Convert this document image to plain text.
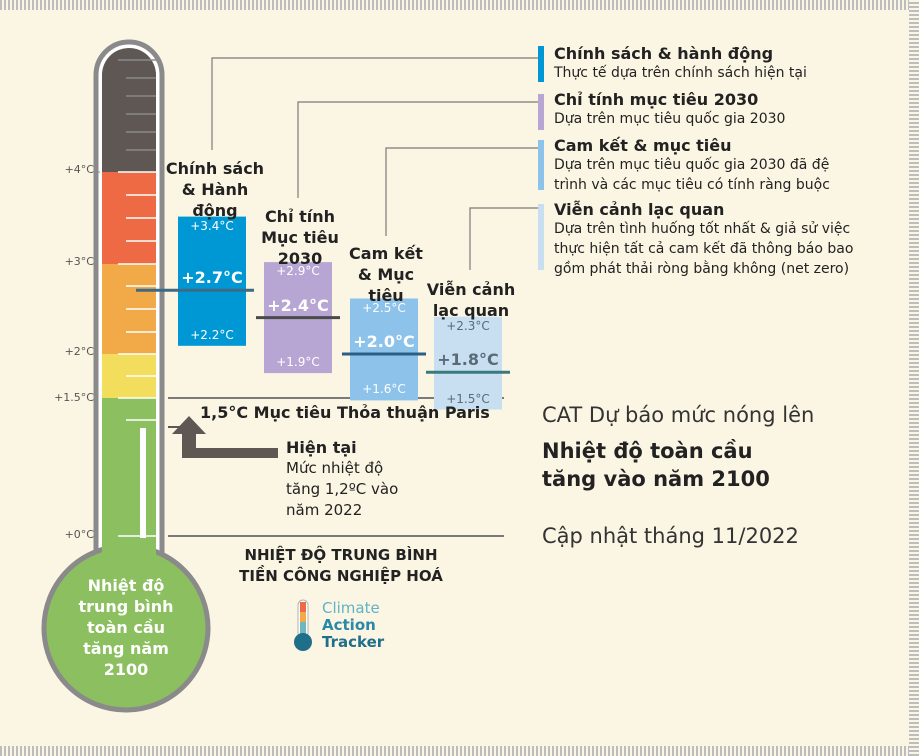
+4°C
+3°C
+2°C
+1.5°C
+0°C
Nhiệt độ
trung bình
toàn cầu
tăng năm
2100
Chính sách
& Hành
động	Chỉ tính
Mục tiêu
2030	Cam kết
& Mục
tiêu	Viễn cảnh
lạc quan
+3.4°C
+2.7°C
+2.2°C
+2.9°C
+2.4°C
+1.9°C
+2.5°C
+2.0°C
+1.6°C
+2.3°C
+1.8°C
+1.5°C
Chính sách & hành động
Thực tế dựa trên chính sách hiện tại
Chỉ tính mục tiêu 2030
Dựa trên mục tiêu quốc gia 2030
Cam kết & mục tiêu
Dựa trên mục tiêu quốc gia 2030 đã đệ
trình và các mục tiêu có tính ràng buộc
Viễn cảnh lạc quan
Dựa trên tình huống tốt nhất & giả sử việc
thực hiện tất cả cam kết đã thông báo bao
gồm phát thải ròng bằng không (net zero)
1,5°C Mục tiêu Thỏa thuận Paris
Hiện tại
Mức nhiệt độ
tăng 1,2ºC vào
năm 2022
NHIỆT ĐỘ TRUNG BÌNH
TIỀN CÔNG NGHIỆP HOÁ
CAT Dự báo mức nóng lên
Nhiệt độ toàn cầu
tăng vào năm 2100
Cập nhật tháng 11/2022
Climate
Action
Tracker
